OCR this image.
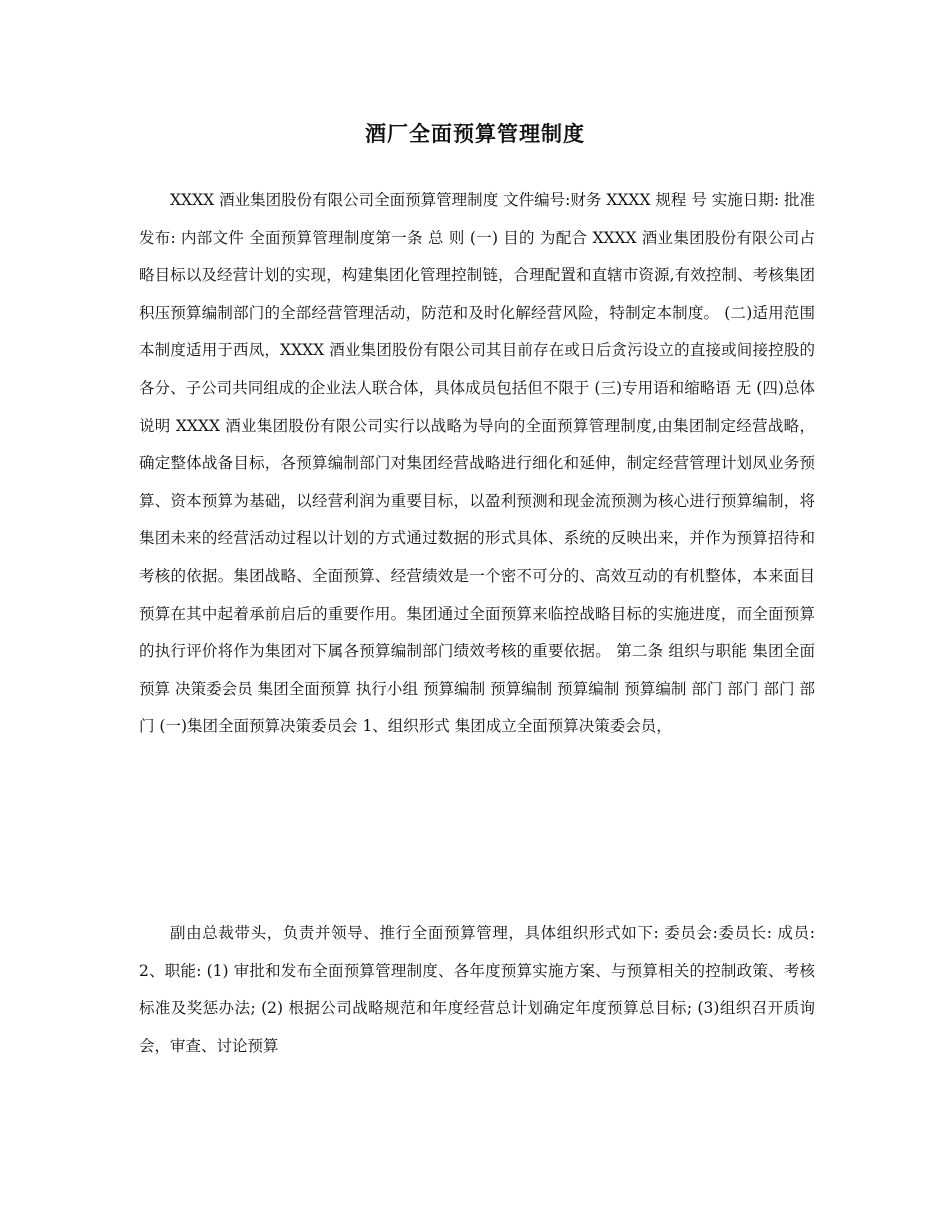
酒厂全面预算管理制度

XXXX 酒业集团股份有限公司全面预算管理制度 文件编号:财务 XXXX 规程 号 实施日期: 批准发布: 内部文件 全面预算管理制度第一条 总 则 (一) 目的 为配合 XXXX 酒业集团股份有限公司占略目标以及经营计划的实现，构建集团化管理控制链，合理配置和直辖市资源,有效控制、考核集团积压预算编制部门的全部经营管理活动，防范和及时化解经营风险，特制定本制度。 (二)适用范围 本制度适用于西凤，XXXX 酒业集团股份有限公司其目前存在或日后贪污设立的直接或间接控股的各分、子公司共同组成的企业法人联合体，具体成员包括但不限于 (三)专用语和缩略语 无 (四)总体说明 XXXX 酒业集团股份有限公司实行以战略为导向的全面预算管理制度,由集团制定经营战略，确定整体战备目标，各预算编制部门对集团经营战略进行细化和延伸，制定经营管理计划凤业务预算、资本预算为基础，以经营利润为重要目标，以盈利预测和现金流预测为核心进行预算编制，将集团未来的经营活动过程以计划的方式通过数据的形式具体、系统的反映出来，并作为预算招待和考核的依据。集团战略、全面预算、经营绩效是一个密不可分的、高效互动的有机整体，本来面目预算在其中起着承前启后的重要作用。集团通过全面预算来临控战略目标的实施进度，而全面预算的执行评价将作为集团对下属各预算编制部门绩效考核的重要依据。 第二条 组织与职能 集团全面预算 决策委会员 集团全面预算 执行小组 预算编制 预算编制 预算编制 预算编制 部门 部门 部门 部门 (一)集团全面预算决策委员会 1、组织形式 集团成立全面预算决策委会员，

副由总裁带头，负责并领导、推行全面预算管理，具体组织形式如下: 委员会:委员长: 成员: 2、职能: (1) 审批和发布全面预算管理制度、各年度预算实施方案、与预算相关的控制政策、考核标准及奖惩办法; (2) 根据公司战略规范和年度经营总计划确定年度预算总目标; (3)组织召开质询会，审查、讨论预算
